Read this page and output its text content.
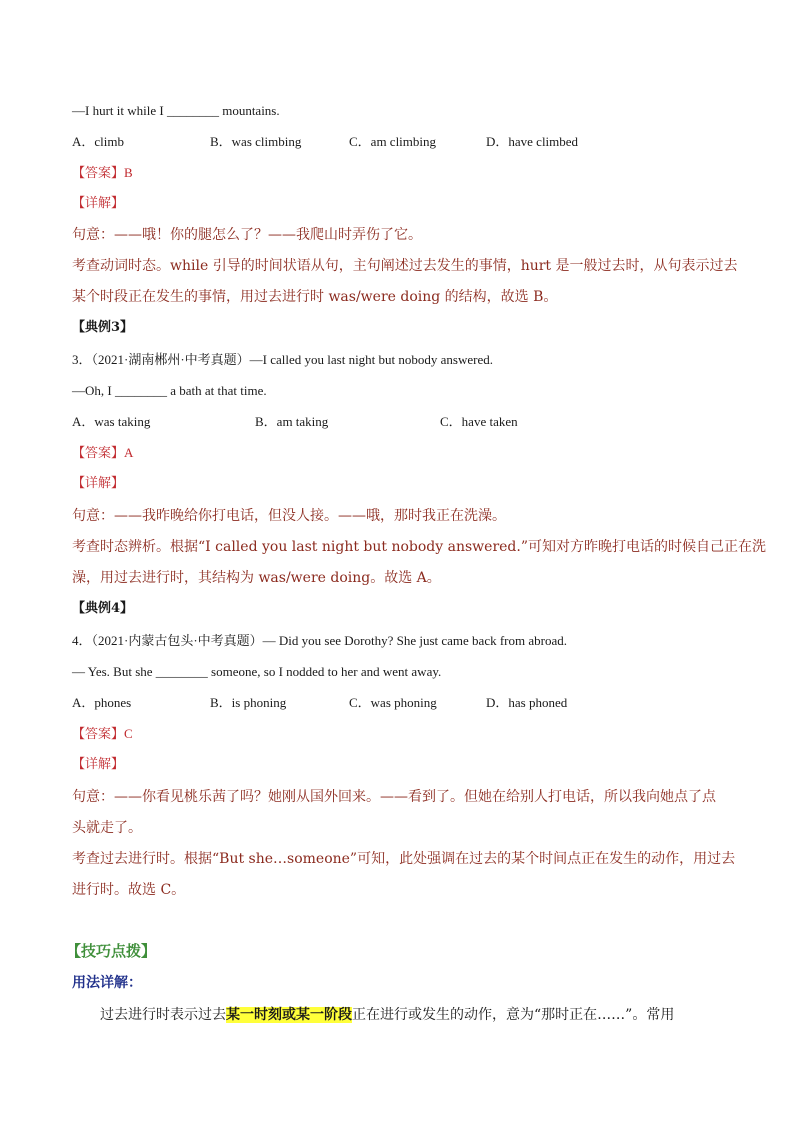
—I hurt it while I ________ mountains.
A．climb	B．was climbing	C．am climbing	D．have climbed
【答案】B
【详解】
句意：——哦！你的腿怎么了？——我爬山时弄伤了它。
考查动词时态。while 引导的时间状语从句，主句阐述过去发生的事情，hurt 是一般过去时，从句表示过去
某个时段正在发生的事情，用过去进行时 was/were doing 的结构，故选 B。
【典例3】
3．（2021·湖南郴州·中考真题）—I called you last night but nobody answered.
—Oh, I ________ a bath at that time.
A．was taking	B．am taking	C．have taken
【答案】A
【详解】
句意：——我昨晚给你打电话，但没人接。——哦，那时我正在洗澡。
考查时态辨析。根据“I called you last night but nobody answered.”可知对方昨晚打电话的时候自己正在洗
澡，用过去进行时，其结构为 was/were doing。故选 A。
【典例4】
4．（2021·内蒙古包头·中考真题）— Did you see Dorothy? She just came back from abroad.
— Yes. But she ________ someone, so I nodded to her and went away.
A．phones	B．is phoning	C．was phoning	D．has phoned
【答案】C
【详解】
句意：——你看见桃乐茜了吗？她刚从国外回来。——看到了。但她在给别人打电话，所以我向她点了点
头就走了。
考查过去进行时。根据“But she…someone”可知，此处强调在过去的某个时间点正在发生的动作，用过去
进行时。故选 C。
【技巧点拨】
用法详解：
过去进行时表示过去某一时刻或某一阶段正在进行或发生的动作，意为“那时正在……”。常用
